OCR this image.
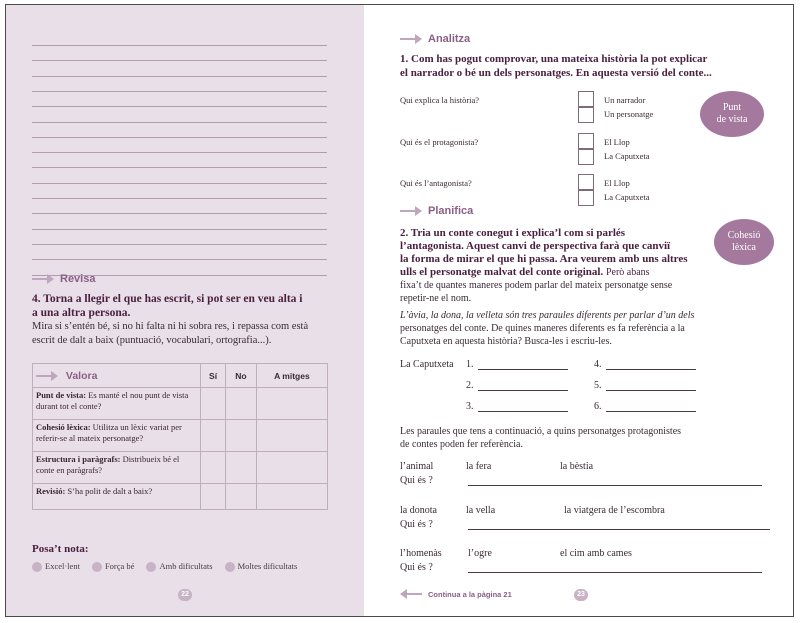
Revisa
4. Torna a llegir el que has escrit, si pot ser en veu alta i
a una altra persona.
Mira si s’entén bé, si no hi falta ni hi sobra res, i repassa com està
escrit de dalt a baix (puntuació, vocabulari, ortografia...).
Valora	Sí	No	A mitges
Punt de vista: Es manté el nou punt de vista durant tot el conte?			
Cohesió lèxica: Utilitza un lèxic variat per referir-se al mateix personatge?			
Estructura i paràgrafs: Distribueix bé el conte en paràgrafs?			
Revisió: S’ha polit de dalt a baix?			
Posa’t nota:
Excel·lent	Força bé	Amb dificultats	Moltes dificultats
22
Analitza
1. Com has pogut comprovar, una mateixa història la pot explicar
el narrador o bé un dels personatges. En aquesta versió del conte...
Qui explica la història?	Un narrador
Un personatge
Qui és el protagonista?	El Llop
La Caputxeta
Qui és l’antagonista?	El Llop
La Caputxeta
Punt
de vista
Planifica
Cohesió
lèxica
2. Tria un conte conegut i explica’l com si parlés
l’antagonista. Aquest canvi de perspectiva farà que canviï
la forma de mirar el que hi passa. Ara veurem amb uns altres
ulls el personatge malvat del conte original. Però abans
fixa’t de quantes maneres podem parlar del mateix personatge sense
repetir-ne el nom.
L’àvia, la dona, la velleta són tres paraules diferents per parlar d’un dels
personatges del conte. De quines maneres diferents es fa referència a la
Caputxeta en aquesta història? Busca-les i escriu-les.
La Caputxeta 1.
2.
3.
4.
5.
6.
Les paraules que tens a continuació, a quins personatges protagonistes
de contes poden fer referència.
l’animal	la fera	la bèstia
Qui és ?
la donota	la vella	la viatgera de l’escombra
Qui és ?
l’homenàs	l’ogre	el cim amb cames
Qui és ?
Continua a la pàgina 21	23
